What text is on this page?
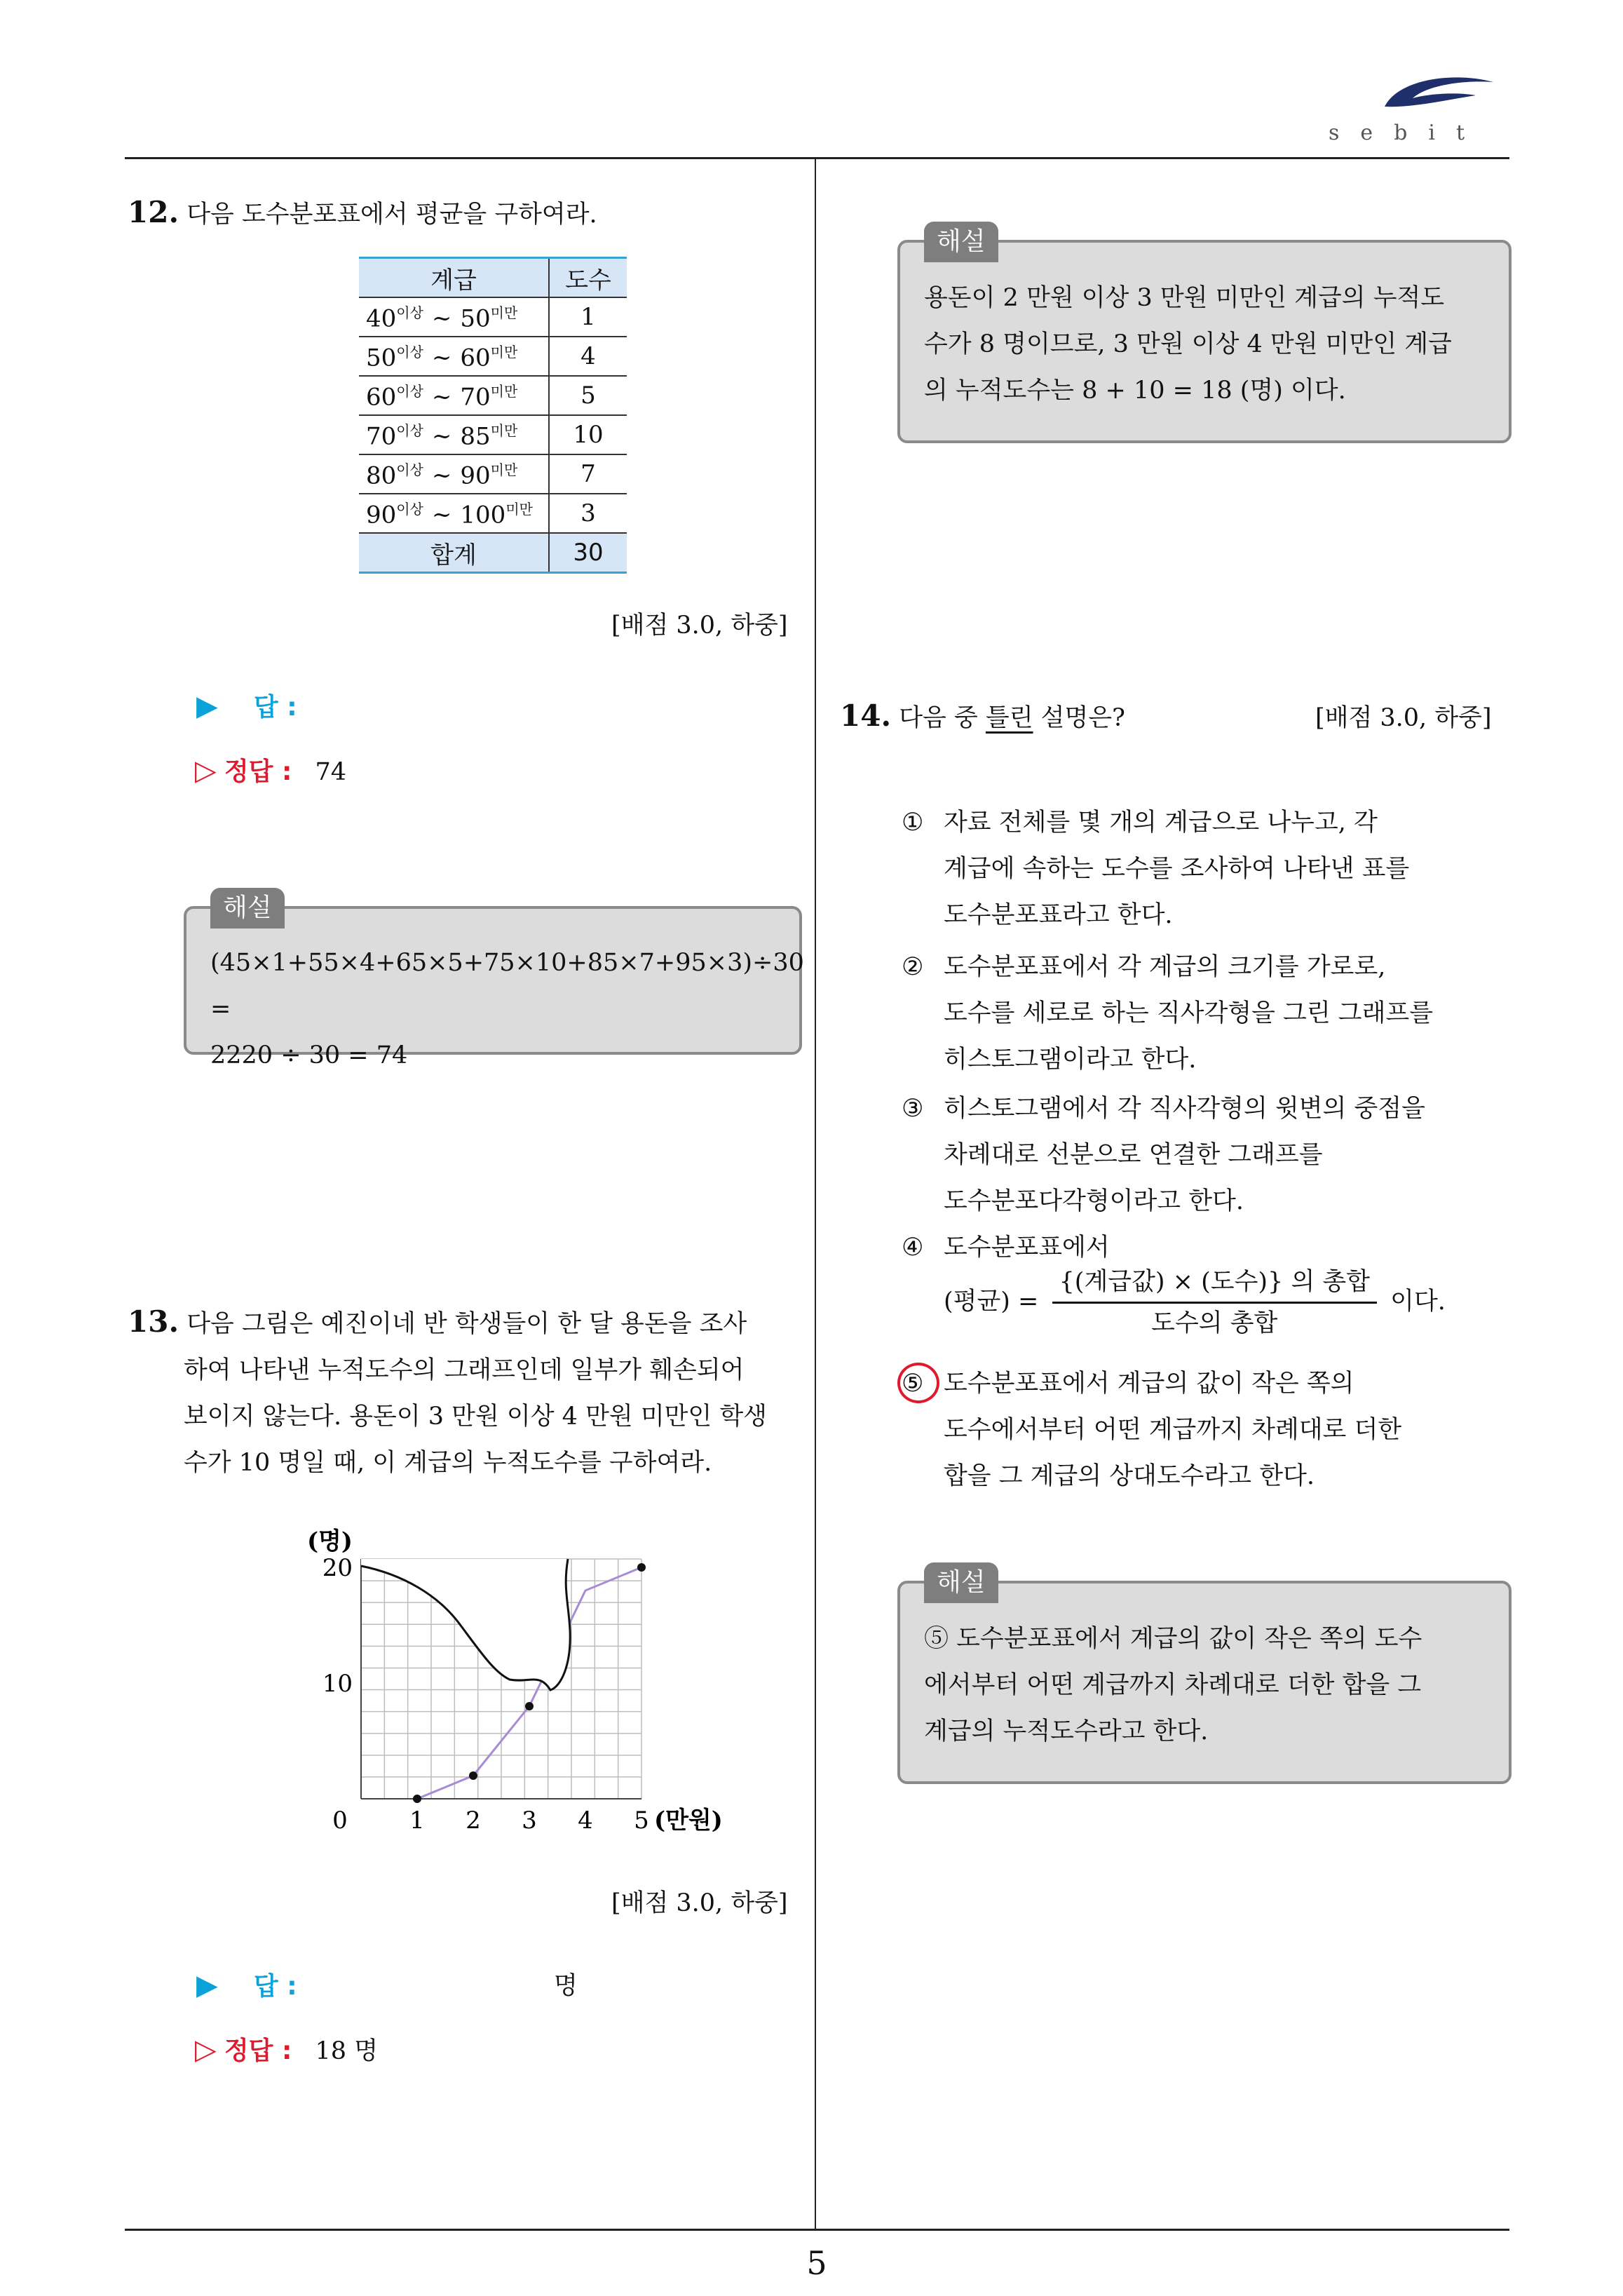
sebit
12. 다음 도수분포표에서 평균을 구하여라.
계급	도수
$40^{이상}$ ~ $50^{미만}$	1
$50^{이상}$ ~ $60^{미만}$	4
$60^{이상}$ ~ $70^{미만}$	5
$70^{이상}$ ~ $85^{미만}$	10
$80^{이상}$ ~ $90^{미만}$	7
$90^{이상}$ ~ $100^{미만}$	3
합계	30
[배점 3.0, 하중]
▶ 답 :
▷ 정답 : 74
해설
(45×1+55×4+65×5+75×10+85×7+95×3)÷30 =
2220 ÷ 30 = 74
13. 다음 그림은 예진이네 반 학생들이 한 달 용돈을 조사
하여 나타낸 누적도수의 그래프인데 일부가 훼손되어
보이지 않는다. 용돈이 3 만원 이상 4 만원 미만인 학생
수가 10 명일 때, 이 계급의 누적도수를 구하여라.
0	1 2 3 4 5
10
20
(명)
(만원)
[배점 3.0, 하중]
▶ 답 :	명
▷ 정답 : 18 명
해설
용돈이 2 만원 이상 3 만원 미만인 계급의 누적도
수가 8 명이므로, 3 만원 이상 4 만원 미만인 계급
의 누적도수는 8 + 10 = 18 (명) 이다.
14. 다음 중 틀린 설명은?	[배점 3.0, 하중]
① 자료 전체를 몇 개의 계급으로 나누고, 각
계급에 속하는 도수를 조사하여 나타낸 표를
도수분포표라고 한다.
② 도수분포표에서 각 계급의 크기를 가로로,
도수를 세로로 하는 직사각형을 그린 그래프를
히스토그램이라고 한다.
③ 히스토그램에서 각 직사각형의 윗변의 중점을
차례대로 선분으로 연결한 그래프를
도수분포다각형이라고 한다.
④ 도수분포표에서
(평균) = $\frac{\text{\{(계급값) × (도수)\} 의 총합}}{\text{도수의 총합}}$ 이다.
⑤ 도수분포표에서 계급의 값이 작은 쪽의
도수에서부터 어떤 계급까지 차례대로 더한
합을 그 계급의 상대도수라고 한다.
해설
⑤ 도수분포표에서 계급의 값이 작은 쪽의 도수
에서부터 어떤 계급까지 차례대로 더한 합을 그
계급의 누적도수라고 한다.
5
